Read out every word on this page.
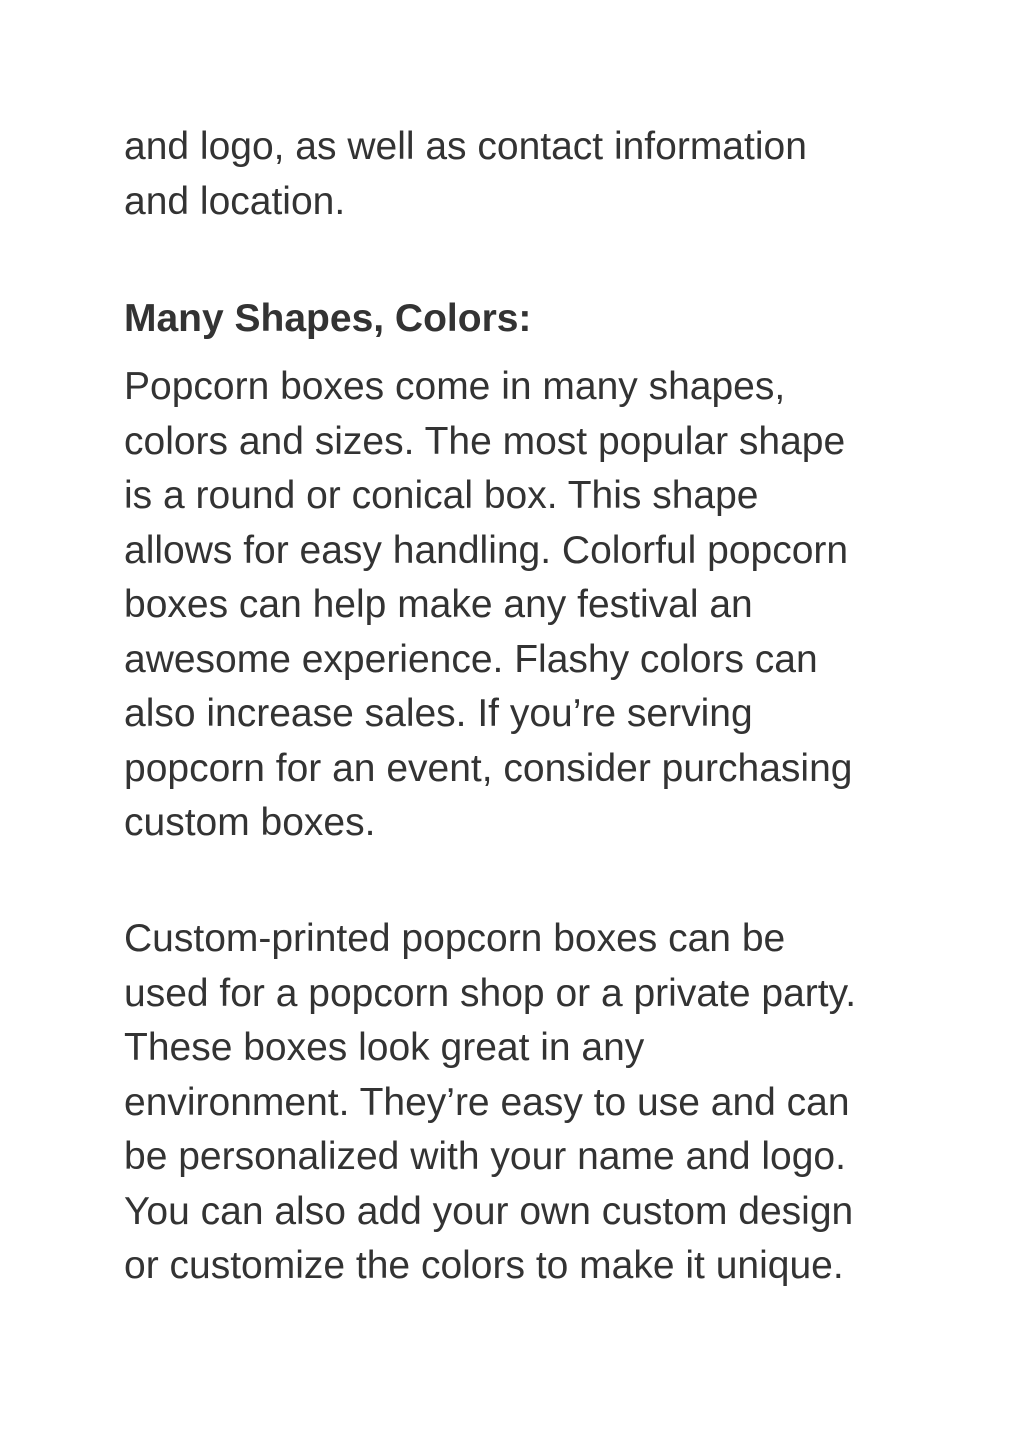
and logo, as well as contact information
and location.

Many Shapes, Colors:

Popcorn boxes come in many shapes,
colors and sizes. The most popular shape
is a round or conical box. This shape
allows for easy handling. Colorful popcorn
boxes can help make any festival an
awesome experience. Flashy colors can
also increase sales. If you’re serving
popcorn for an event, consider purchasing
custom boxes.

Custom-printed popcorn boxes can be
used for a popcorn shop or a private party.
These boxes look great in any
environment. They’re easy to use and can
be personalized with your name and logo.
You can also add your own custom design
or customize the colors to make it unique.
